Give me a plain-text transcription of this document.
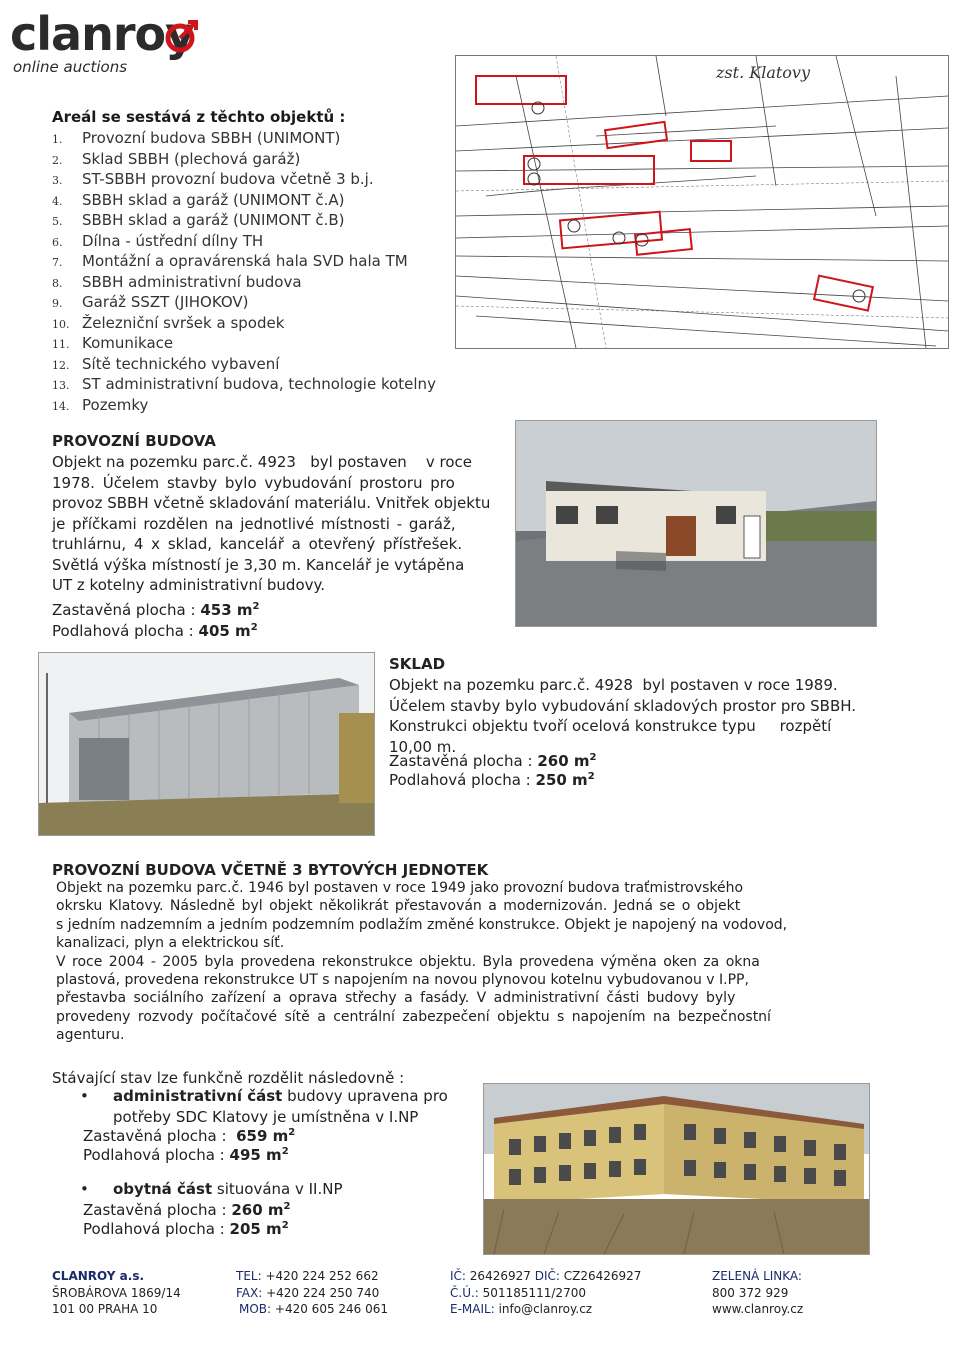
clanroy
online auctions
Areál se sestává z těchto objektů :
1. Provozní budova SBBH (UNIMONT)
2. Sklad SBBH (plechová garáž)
3. ST-SBBH provozní budova včetně 3 b.j.
4. SBBH sklad a garáž (UNIMONT č.A)
5. SBBH sklad a garáž (UNIMONT č.B)
6. Dílna - ústřední dílny TH
7. Montážní a opravárenská hala SVD hala TM
8. SBBH administrativní budova
9. Garáž SSZT (JIHOKOV)
10. Železniční svršek a spodek
11. Komunikace
12. Sítě technického vybavení
13. ST administrativní budova, technologie kotelny
14. Pozemky
zst. Klatovy
PROVOZNÍ BUDOVA
Objekt na pozemku parc.č. 4923   byl postaven    v roce
1978. Účelem stavby bylo vybudování prostoru pro
provoz SBBH včetně skladování materiálu. Vnitřek objektu
je příčkami rozdělen na jednotlivé místnosti - garáž,
truhlárnu, 4 x sklad, kancelář a otevřený přístřešek.
Světlá výška místností je 3,30 m. Kancelář je vytápěna
UT z kotelny administrativní budovy.
Zastavěná plocha : 453 $m^2$
Podlahová plocha : 405 $m^2$
SKLAD
Objekt na pozemku parc.č. 4928  byl postaven v roce 1989.
Účelem stavby bylo vybudování skladových prostor pro SBBH.
Konstrukci objektu tvoří ocelová konstrukce typu     rozpětí
10,00 m.
Zastavěná plocha : 260 $m^2$
Podlahová plocha : 250 $m^2$
PROVOZNÍ BUDOVA VČETNĚ 3 BYTOVÝCH JEDNOTEK
Objekt na pozemku parc.č. 1946 byl postaven v roce 1949 jako provozní budova traťmistrovského
okrsku Klatovy. Následně byl objekt několikrát přestavován a modernizován. Jedná se o objekt
s jedním nadzemním a jedním podzemním podlažím změné konstrukce. Objekt je napojený na vodovod,
kanalizaci, plyn a elektrickou síť.
V roce 2004 - 2005 byla provedena rekonstrukce objektu. Byla provedena výměna oken za okna
plastová, provedena rekonstrukce UT s napojením na novou plynovou kotelnu vybudovanou v I.PP,
přestavba sociálního zařízení a oprava střechy a fasády. V administrativní části budovy byly
provedeny rozvody počítačové sítě a centrální zabezpečení objektu s napojením na bezpečnostní
agenturu.
Stávající stav lze funkčně rozdělit následovně :
• administrativní část budovy upravena pro
potřeby SDC Klatovy je umístněna v I.NP
Zastavěná plocha : 659 $m^2$
Podlahová plocha : 495 $m^2$
• obytná část situována v II.NP
Zastavěná plocha : 260 $m^2$
Podlahová plocha : 205 $m^2$
CLANROY a.s.
ŠROBÁROVA 1869/14
101 00 PRAHA 10
TEL: +420 224 252 662
FAX: +420 224 250 740
MOB: +420 605 246 061
IČ: 26426927 DIČ: CZ26426927
Č.Ú.: 501185111/2700
E-MAIL: info@clanroy.cz
ZELENÁ LINKA:
800 372 929
www.clanroy.cz
